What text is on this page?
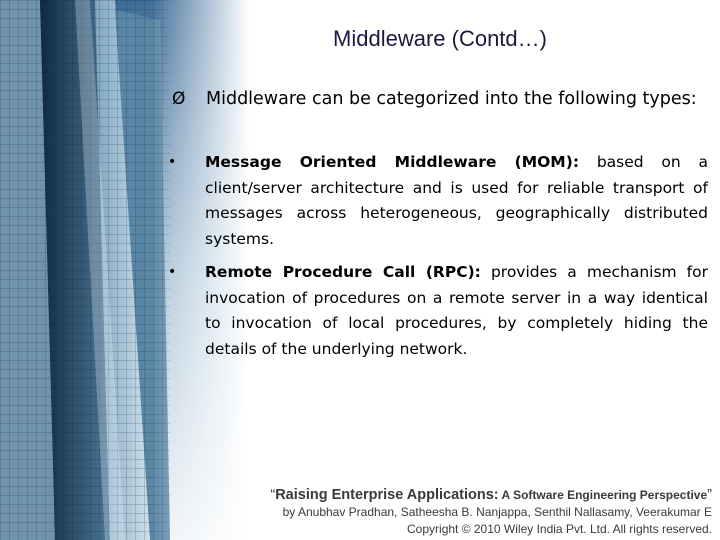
Middleware (Contd…)
Ø Middleware can be categorized into the following types:
• Message Oriented Middleware (MOM): based on a client/server architecture and is used for reliable transport of messages across heterogeneous, geographically distributed systems.
• Remote Procedure Call (RPC): provides a mechanism for invocation of procedures on a remote server in a way identical to invocation of local procedures, by completely hiding the details of the underlying network.
“Raising Enterprise Applications: A Software Engineering Perspective”
by Anubhav Pradhan, Satheesha B. Nanjappa, Senthil Nallasamy, Veerakumar E
Copyright © 2010 Wiley India Pvt. Ltd. All rights reserved.
